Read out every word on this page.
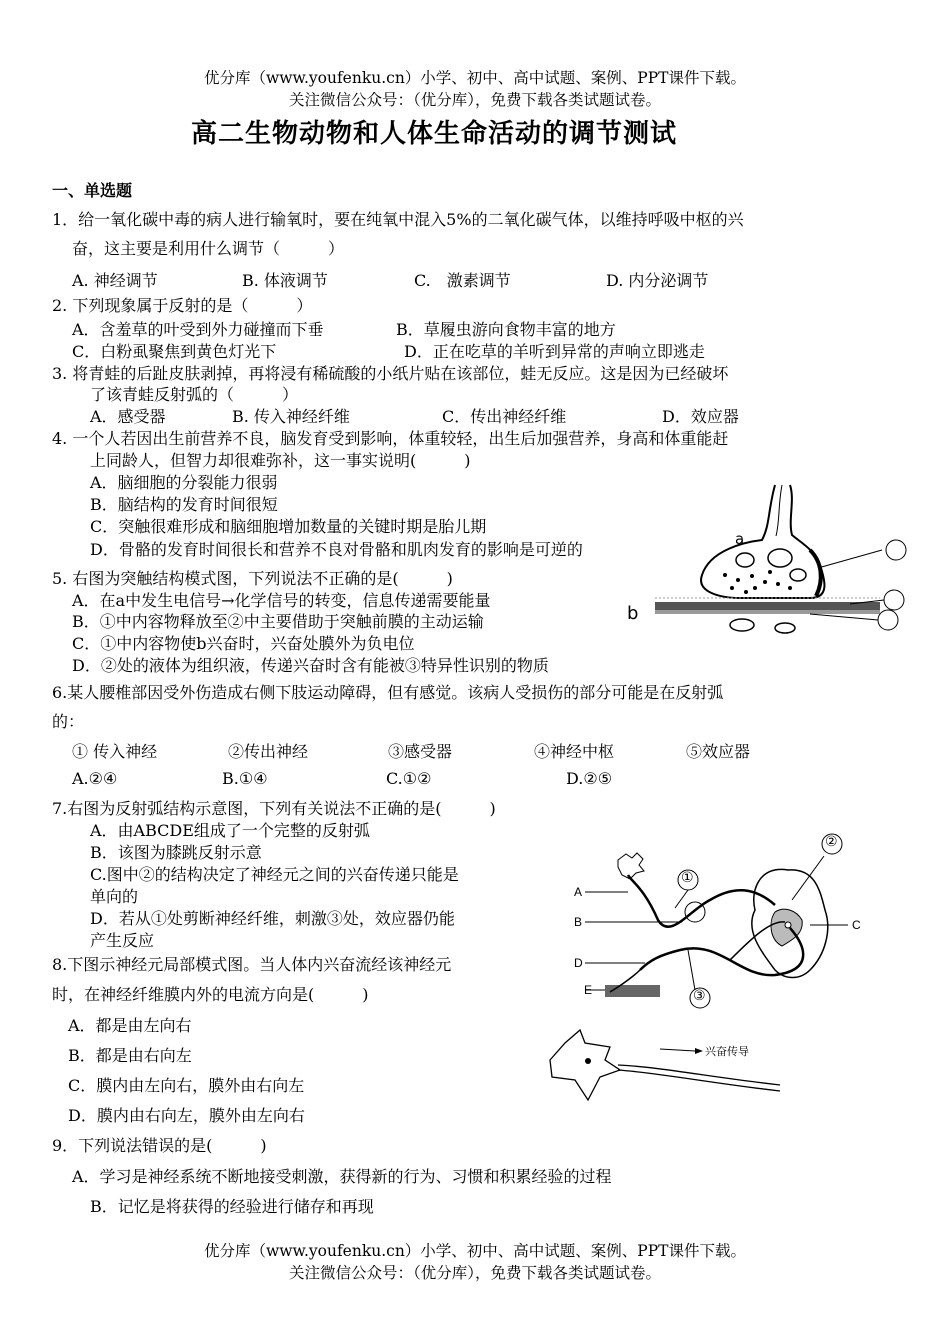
优分库（www.youfenku.cn）小学、初中、高中试题、案例、PPT课件下载。
关注微信公众号：（优分库），免费下载各类试题试卷。
高二生物动物和人体生命活动的调节测试
一、单选题
1．给一氧化碳中毒的病人进行输氧时，要在纯氧中混入5%的二氧化碳气体，以维持呼吸中枢的兴
奋，这主要是利用什么调节（　　　）
A. 神经调节	B. 体液调节	C.　激素调节	D. 内分泌调节
2. 下列现象属于反射的是（　　　）
A．含羞草的叶受到外力碰撞而下垂	B．草履虫游向食物丰富的地方
C．白粉虱聚焦到黄色灯光下	D．正在吃草的羊听到异常的声响立即逃走
3. 将青蛙的后趾皮肤剥掉，再将浸有稀硫酸的小纸片贴在该部位，蛙无反应。这是因为已经破坏
了该青蛙反射弧的（　　　）
A．感受器	B. 传入神经纤维	C．传出神经纤维	D．效应器
4. 一个人若因出生前营养不良，脑发育受到影响，体重较轻，出生后加强营养，身高和体重能赶
上同龄人，但智力却很难弥补，这一事实说明(　　　)
A．脑细胞的分裂能力很弱
B．脑结构的发育时间很短
C．突触很难形成和脑细胞增加数量的关键时期是胎儿期
D．骨骼的发育时间很长和营养不良对骨骼和肌肉发育的影响是可逆的
5. 右图为突触结构模式图，下列说法不正确的是(　　　)
A．在a中发生电信号→化学信号的转变，信息传递需要能量
B．①中内容物释放至②中主要借助于突触前膜的主动运输
C．①中内容物使b兴奋时，兴奋处膜外为负电位
D．②处的液体为组织液，传递兴奋时含有能被③特异性识别的物质
a
b
6.某人腰椎部因受外伤造成右侧下肢运动障碍，但有感觉。该病人受损伤的部分可能是在反射弧
的：
① 传入神经	②传出神经	③感受器	④神经中枢	⑤效应器
A.②④	B.①④	C.①②	D.②⑤
7.右图为反射弧结构示意图，下列有关说法不正确的是(　　　)
A．由ABCDE组成了一个完整的反射弧
B．该图为膝跳反射示意
C.图中②的结构决定了神经元之间的兴奋传递只能是
单向的
D．若从①处剪断神经纤维，刺激③处，效应器仍能
产生反应
A
B	C
D
E
①
②
③
8.下图示神经元局部模式图。当人体内兴奋流经该神经元
时，在神经纤维膜内外的电流方向是(　　　)
A．都是由左向右
B．都是由右向左
C．膜内由左向右，膜外由右向左
D．膜内由右向左，膜外由左向右
兴奋传导
9．下列说法错误的是(　　　)
A．学习是神经系统不断地接受刺激，获得新的行为、习惯和积累经验的过程
B．记忆是将获得的经验进行储存和再现
优分库（www.youfenku.cn）小学、初中、高中试题、案例、PPT课件下载。
关注微信公众号：（优分库），免费下载各类试题试卷。
